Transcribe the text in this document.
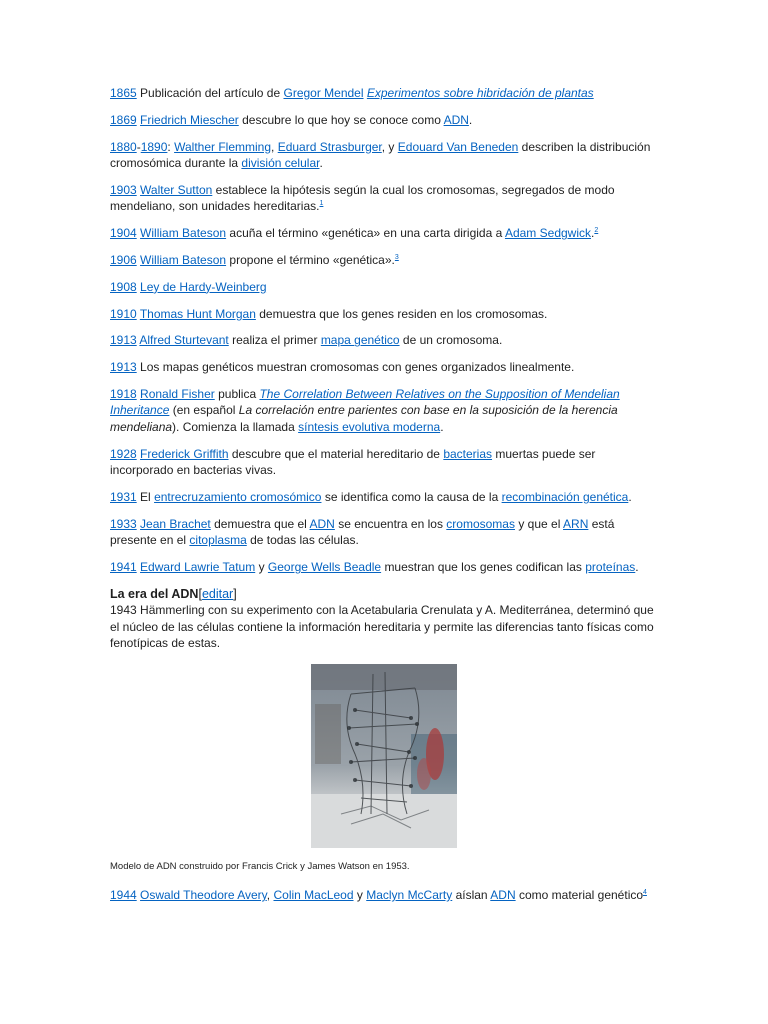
1865 Publicación del artículo de Gregor Mendel Experimentos sobre hibridación de plantas

1869 Friedrich Miescher descubre lo que hoy se conoce como ADN.

1880-1890: Walther Flemming, Eduard Strasburger, y Edouard Van Beneden describen la distribución cromosómica durante la división celular.

1903 Walter Sutton establece la hipótesis según la cual los cromosomas, segregados de modo mendeliano, son unidades hereditarias.$^1$

1904 William Bateson acuña el término «genética» en una carta dirigida a Adam Sedgwick.$^2$

1906 William Bateson propone el término «genética».$^3$

1908 Ley de Hardy-Weinberg

1910 Thomas Hunt Morgan demuestra que los genes residen en los cromosomas.

1913 Alfred Sturtevant realiza el primer mapa genético de un cromosoma.

1913 Los mapas genéticos muestran cromosomas con genes organizados linealmente.

1918 Ronald Fisher publica The Correlation Between Relatives on the Supposition of Mendelian Inheritance (en español La correlación entre parientes con base en la suposición de la herencia mendeliana). Comienza la llamada síntesis evolutiva moderna.

1928 Frederick Griffith descubre que el material hereditario de bacterias muertas puede ser incorporado en bacterias vivas.

1931 El entrecruzamiento cromosómico se identifica como la causa de la recombinación genética.

1933 Jean Brachet demuestra que el ADN se encuentra en los cromosomas y que el ARN está presente en el citoplasma de todas las células.

1941 Edward Lawrie Tatum y George Wells Beadle muestran que los genes codifican las proteínas.

La era del ADN[editar]
1943 Hämmerling con su experimento con la Acetabularia Crenulata y A. Mediterránea, determinó que el núcleo de las células contiene la información hereditaria y permite las diferencias tanto físicas como fenotípicas de estas.
Modelo de ADN construido por Francis Crick y James Watson en 1953.

1944 Oswald Theodore Avery, Colin MacLeod y Maclyn McCarty aíslan ADN como material genético$^4$
